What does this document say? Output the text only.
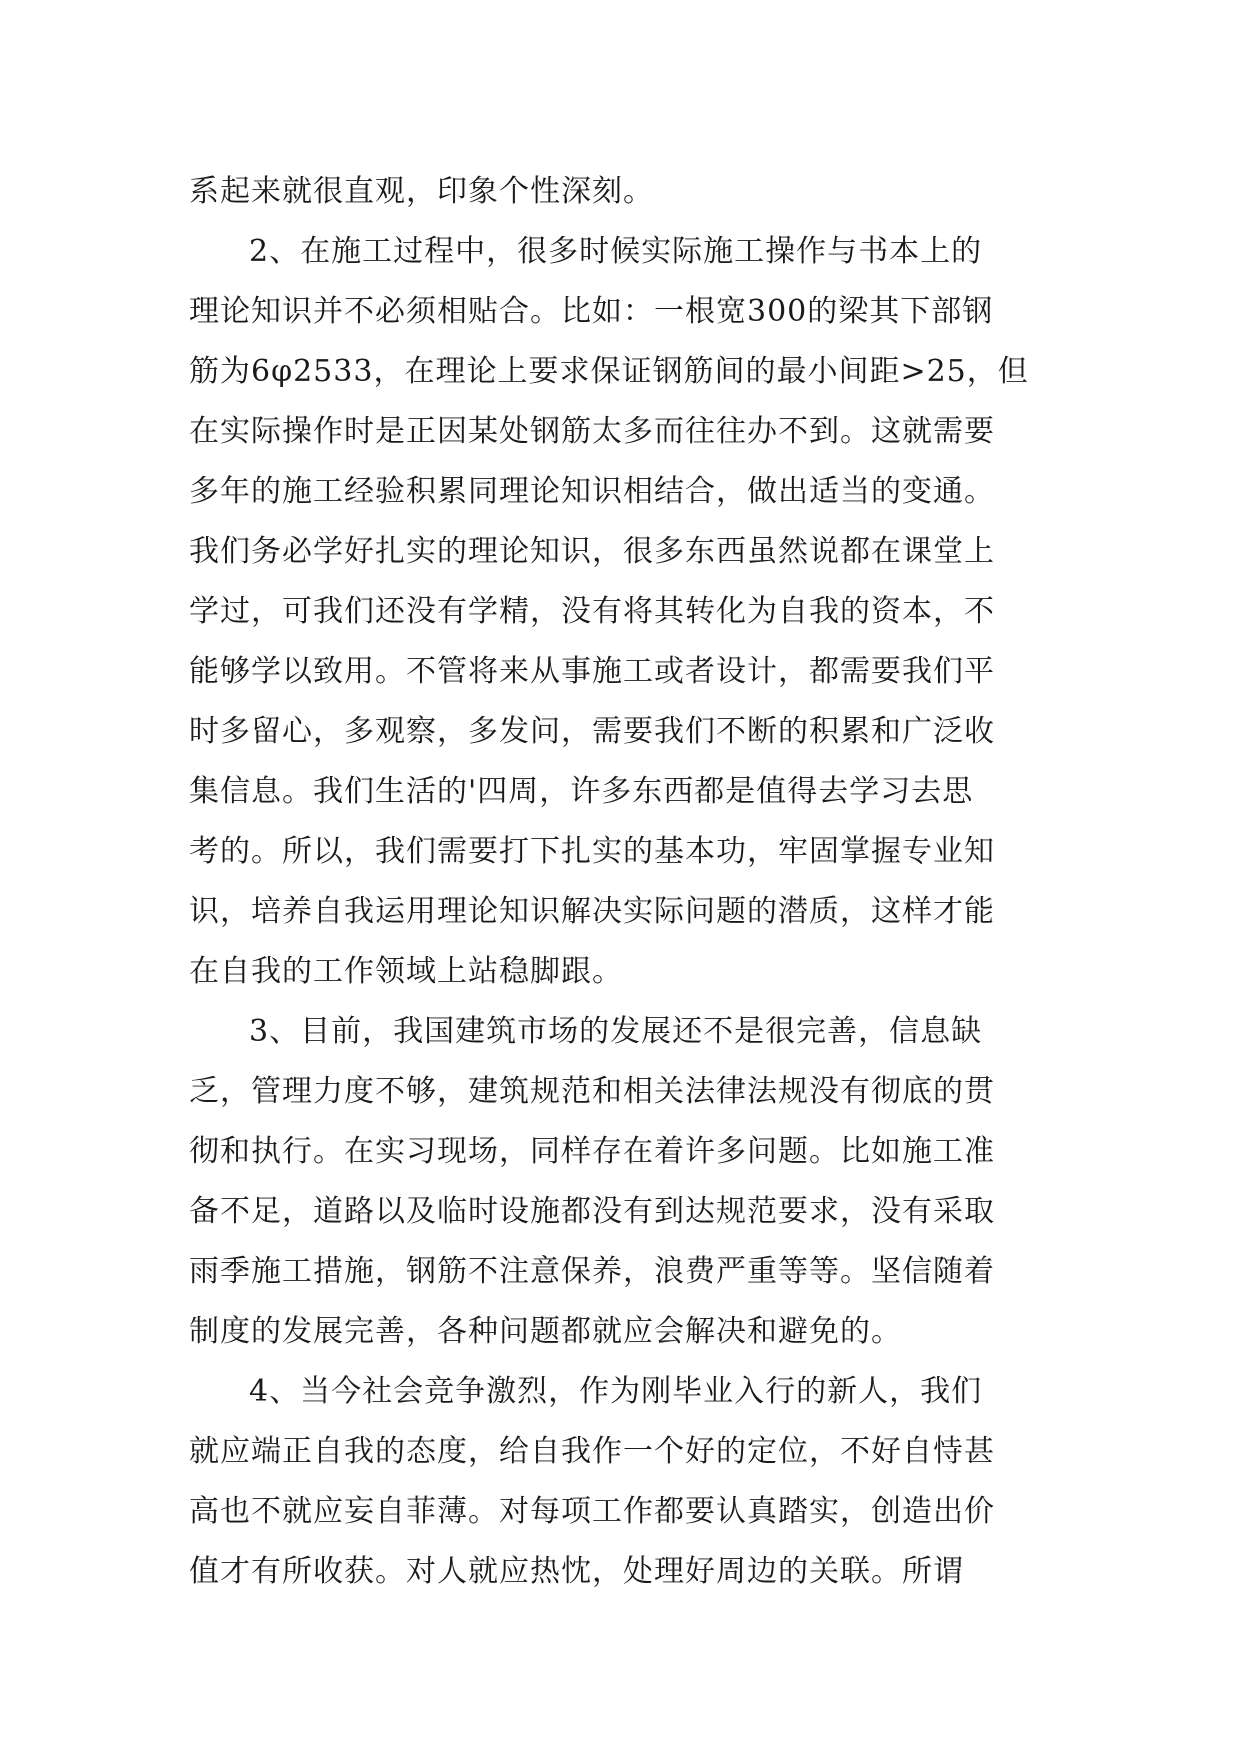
系起来就很直观，印象个性深刻。
2、在施工过程中，很多时候实际施工操作与书本上的
理论知识并不必须相贴合。比如：一根宽300的梁其下部钢
筋为6φ2533，在理论上要求保证钢筋间的最小间距>25，但
在实际操作时是正因某处钢筋太多而往往办不到。这就需要
多年的施工经验积累同理论知识相结合，做出适当的变通。
我们务必学好扎实的理论知识，很多东西虽然说都在课堂上
学过，可我们还没有学精，没有将其转化为自我的资本，不
能够学以致用。不管将来从事施工或者设计，都需要我们平
时多留心，多观察，多发问，需要我们不断的积累和广泛收
集信息。我们生活的'四周，许多东西都是值得去学习去思
考的。所以，我们需要打下扎实的基本功，牢固掌握专业知
识，培养自我运用理论知识解决实际问题的潜质，这样才能
在自我的工作领域上站稳脚跟。
3、目前，我国建筑市场的发展还不是很完善，信息缺
乏，管理力度不够，建筑规范和相关法律法规没有彻底的贯
彻和执行。在实习现场，同样存在着许多问题。比如施工准
备不足，道路以及临时设施都没有到达规范要求，没有采取
雨季施工措施，钢筋不注意保养，浪费严重等等。坚信随着
制度的发展完善，各种问题都就应会解决和避免的。
4、当今社会竞争激烈，作为刚毕业入行的新人，我们
就应端正自我的态度，给自我作一个好的定位，不好自恃甚
高也不就应妄自菲薄。对每项工作都要认真踏实，创造出价
值才有所收获。对人就应热忱，处理好周边的关联。所谓
